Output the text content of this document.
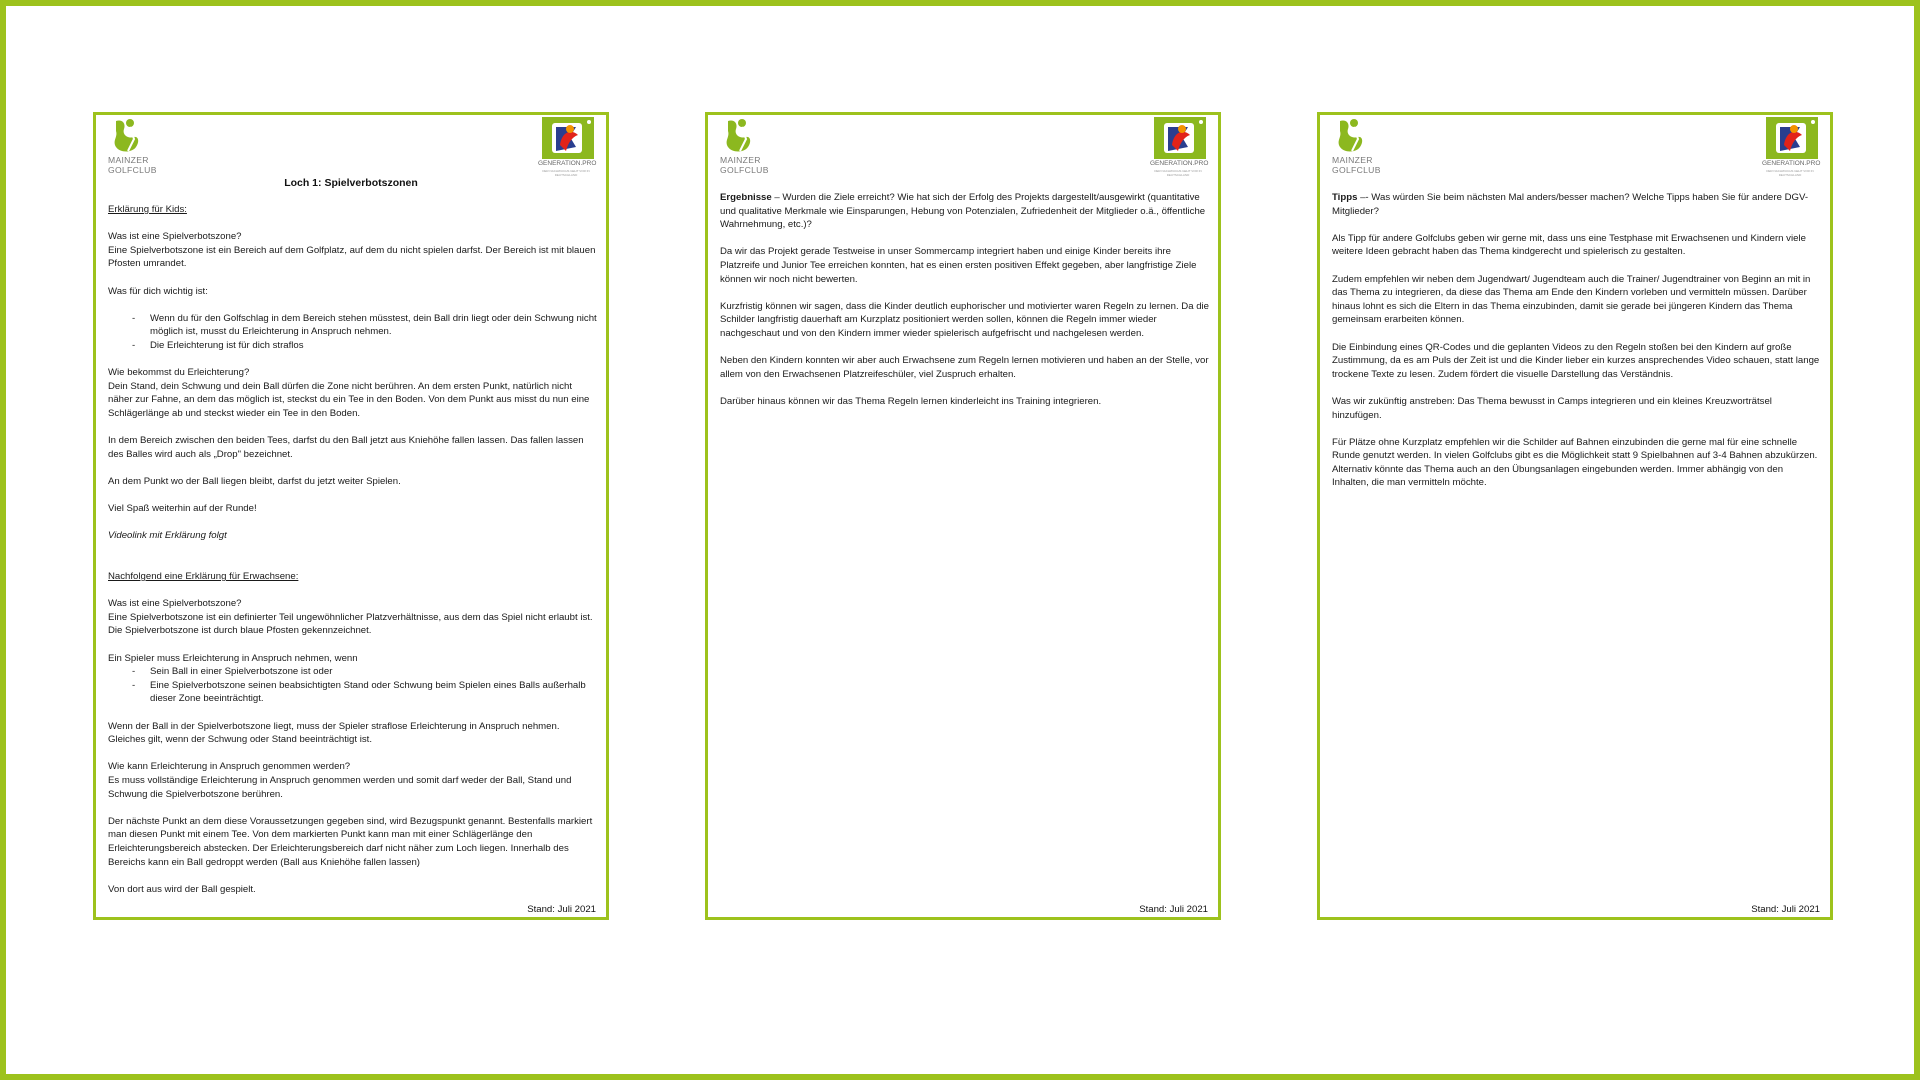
MAINZER
GOLFCLUB
GENERATION.PRO
DER NACHWUCHS GEHT VOR IN DEUTSCHLAND
Loch 1: Spielverbotszonen

Erklärung für Kids:

Was ist eine Spielverbotszone?
Eine Spielverbotszone ist ein Bereich auf dem Golfplatz, auf dem du nicht spielen darfst. Der Bereich ist mit blauen Pfosten umrandet.

Was für dich wichtig ist:

- Wenn du für den Golfschlag in dem Bereich stehen müsstest, dein Ball drin liegt oder dein Schwung nicht möglich ist, musst du Erleichterung in Anspruch nehmen.
- Die Erleichterung ist für dich straflos

Wie bekommst du Erleichterung?
Dein Stand, dein Schwung und dein Ball dürfen die Zone nicht berühren. An dem ersten Punkt, natürlich nicht näher zur Fahne, an dem das möglich ist, steckst du ein Tee in den Boden. Von dem Punkt aus misst du nun eine Schlägerlänge ab und steckst wieder ein Tee in den Boden.

In dem Bereich zwischen den beiden Tees, darfst du den Ball jetzt aus Kniehöhe fallen lassen. Das fallen lassen des Balles wird auch als „Drop" bezeichnet.

An dem Punkt wo der Ball liegen bleibt, darfst du jetzt weiter Spielen.

Viel Spaß weiterhin auf der Runde!

Videolink mit Erklärung folgt

Nachfolgend eine Erklärung für Erwachsene:

Was ist eine Spielverbotszone?
Eine Spielverbotszone ist ein definierter Teil ungewöhnlicher Platzverhältnisse, aus dem das Spiel nicht erlaubt ist. Die Spielverbotszone ist durch blaue Pfosten gekennzeichnet.

Ein Spieler muss Erleichterung in Anspruch nehmen, wenn
- Sein Ball in einer Spielverbotszone ist oder
- Eine Spielverbotszone seinen beabsichtigten Stand oder Schwung beim Spielen eines Balls außerhalb dieser Zone beeinträchtigt.

Wenn der Ball in der Spielverbotszone liegt, muss der Spieler straflose Erleichterung in Anspruch nehmen. Gleiches gilt, wenn der Schwung oder Stand beeinträchtigt ist.

Wie kann Erleichterung in Anspruch genommen werden?
Es muss vollständige Erleichterung in Anspruch genommen werden und somit darf weder der Ball, Stand und Schwung die Spielverbotszone berühren.

Der nächste Punkt an dem diese Voraussetzungen gegeben sind, wird Bezugspunkt genannt. Bestenfalls markiert man diesen Punkt mit einem Tee. Von dem markierten Punkt kann man mit einer Schlägerlänge den Erleichterungsbereich abstecken. Der Erleichterungsbereich darf nicht näher zum Loch liegen. Innerhalb des Bereichs kann ein Ball gedroppt werden (Ball aus Kniehöhe fallen lassen)

Von dort aus wird der Ball gespielt.

Stand: Juli 2021
MAINZER
GOLFCLUB
GENERATION.PRO
DER NACHWUCHS GEHT VOR IN DEUTSCHLAND

Ergebnisse – Wurden die Ziele erreicht? Wie hat sich der Erfolg des Projekts dargestellt/ausgewirkt (quantitative und qualitative Merkmale wie Einsparungen, Hebung von Potenzialen, Zufriedenheit der Mitglieder o.ä., öffentliche Wahrnehmung, etc.)?

Da wir das Projekt gerade Testweise in unser Sommercamp integriert haben und einige Kinder bereits ihre Platzreife und Junior Tee erreichen konnten, hat es einen ersten positiven Effekt gegeben, aber langfristige Ziele können wir noch nicht bewerten.

Kurzfristig können wir sagen, dass die Kinder deutlich euphorischer und motivierter waren Regeln zu lernen. Da die Schilder langfristig dauerhaft am Kurzplatz positioniert werden sollen, können die Regeln immer wieder nachgeschaut und von den Kindern immer wieder spielerisch aufgefrischt und nachgelesen werden.

Neben den Kindern konnten wir aber auch Erwachsene zum Regeln lernen motivieren und haben an der Stelle, vor allem von den Erwachsenen Platzreifeschüler, viel Zuspruch erhalten.

Darüber hinaus können wir das Thema Regeln lernen kinderleicht ins Training integrieren.

Stand: Juli 2021
MAINZER
GOLFCLUB
GENERATION.PRO
DER NACHWUCHS GEHT VOR IN DEUTSCHLAND

Tipps –- Was würden Sie beim nächsten Mal anders/besser machen? Welche Tipps haben Sie für andere DGV-Mitglieder?

Als Tipp für andere Golfclubs geben wir gerne mit, dass uns eine Testphase mit Erwachsenen und Kindern viele weitere Ideen gebracht haben das Thema kindgerecht und spielerisch zu gestalten.

Zudem empfehlen wir neben dem Jugendwart/ Jugendteam auch die Trainer/ Jugendtrainer von Beginn an mit in das Thema zu integrieren, da diese das Thema am Ende den Kindern vorleben und vermitteln müssen. Darüber hinaus lohnt es sich die Eltern in das Thema einzubinden, damit sie gerade bei jüngeren Kindern das Thema gemeinsam erarbeiten können.

Die Einbindung eines QR-Codes und die geplanten Videos zu den Regeln stoßen bei den Kindern auf große Zustimmung, da es am Puls der Zeit ist und die Kinder lieber ein kurzes ansprechendes Video schauen, statt lange trockene Texte zu lesen. Zudem fördert die visuelle Darstellung das Verständnis.

Was wir zukünftig anstreben: Das Thema bewusst in Camps integrieren und ein kleines Kreuzworträtsel hinzufügen.

Für Plätze ohne Kurzplatz empfehlen wir die Schilder auf Bahnen einzubinden die gerne mal für eine schnelle Runde genutzt werden. In vielen Golfclubs gibt es die Möglichkeit statt 9 Spielbahnen auf 3-4 Bahnen abzukürzen. Alternativ könnte das Thema auch an den Übungsanlagen eingebunden werden. Immer abhängig von den Inhalten, die man vermitteln möchte.

Stand: Juli 2021
